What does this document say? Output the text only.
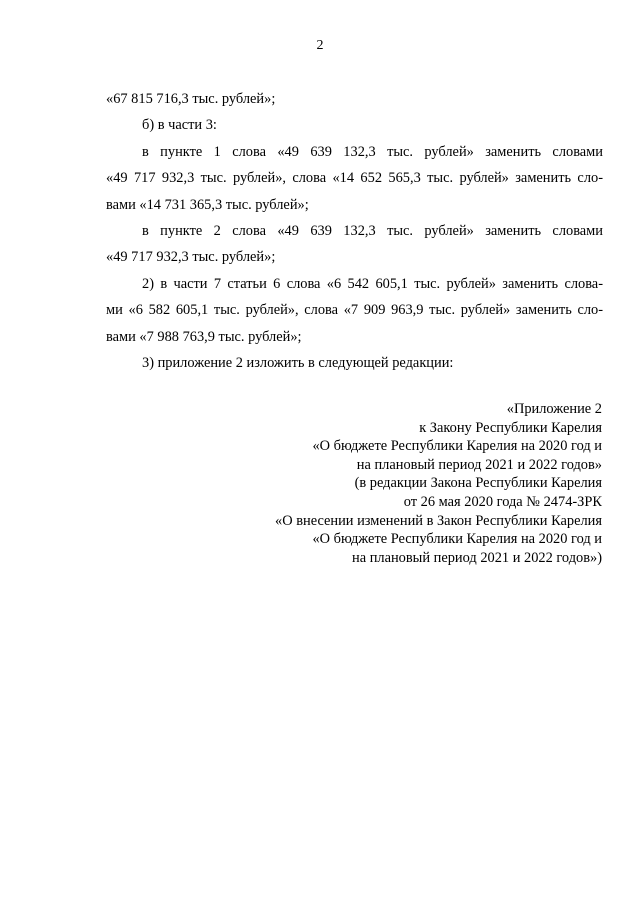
2

«67 815 716,3 тыс. рублей»;

б) в части 3:

в пункте 1 слова «49 639 132,3 тыс. рублей» заменить словами
«49 717 932,3 тыс. рублей», слова «14 652 565,3 тыс. рублей» заменить сло-
вами «14 731 365,3 тыс. рублей»;

в пункте 2 слова «49 639 132,3 тыс. рублей» заменить словами
«49 717 932,3 тыс. рублей»;

2) в части 7 статьи 6 слова «6 542 605,1 тыс. рублей» заменить слова-
ми «6 582 605,1 тыс. рублей», слова «7 909 963,9 тыс. рублей» заменить сло-
вами «7 988 763,9 тыс. рублей»;

3) приложение 2 изложить в следующей редакции:

«Приложение 2
к Закону Республики Карелия
«О бюджете Республики Карелия на 2020 год и
на плановый период 2021 и 2022 годов»
(в редакции Закона Республики Карелия
от 26 мая 2020 года № 2474-ЗРК
«О внесении изменений в Закон Республики Карелия
«О бюджете Республики Карелия на 2020 год и
на плановый период 2021 и 2022 годов»)
